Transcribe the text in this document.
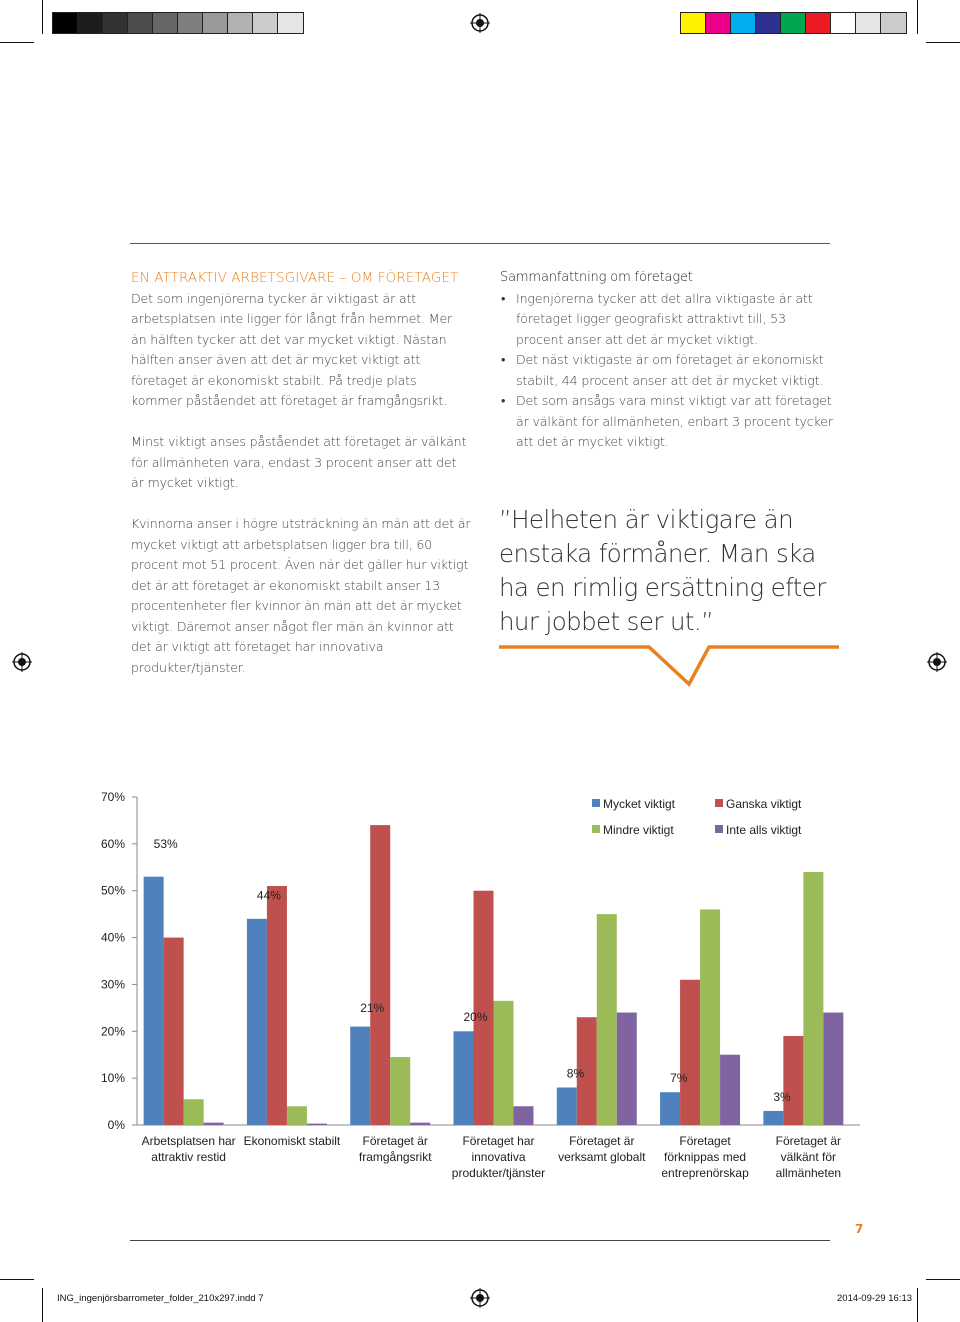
EN ATTRAKTIV ARBETSGIVARE – OM FÖRETAGET

Det som ingenjörerna tycker är viktigast är att arbetsplatsen inte ligger för långt från hemmet. Mer än hälften tycker att det var mycket viktigt. Nästan hälften anser även att det är mycket viktigt att företaget är ekonomiskt stabilt. På tredje plats kommer påståendet att företaget är framgångsrikt.

Minst viktigt anses påståendet att företaget är välkänt för allmänheten vara, endast 3 procent anser att det är mycket viktigt.

Kvinnorna anser i högre utsträckning än män att det är mycket viktigt att arbetsplatsen ligger bra till, 60 procent mot 51 procent. Även när det gäller hur viktigt det är att företaget är ekonomiskt stabilt anser 13 procentenheter fler kvinnor än män att det är mycket viktigt. Däremot anser något fler män än kvinnor att det är viktigt att företaget har innovativa produkter/tjänster.

Sammanfattning om företaget
• Ingenjörerna tycker att det allra viktigaste är att företaget ligger geografiskt attraktivt till, 53 procent anser att det är mycket viktigt.
• Det näst viktigaste är om företaget är ekonomiskt stabilt, 44 procent anser att det är mycket viktigt.
• Det som ansågs vara minst viktigt var att företaget är välkänt för allmänheten, enbart 3 procent tycker att det är mycket viktigt.
”Helheten är viktigare än enstaka förmåner. Man ska ha en rimlig ersättning efter hur jobbet ser ut.”
0%
10%
20%
30%
40%
50%
60%
70%
53%
Arbetsplatsen har
attraktiv restid
44%
Ekonomiskt stabilt
21%
Företaget är
framgångsrikt
20%
Företaget har
innovativa
produkter/tjänster
8%
Företaget är
verksamt globalt
7%
Företaget
förknippas med
entreprenörskap
3%
Företaget är
välkänt för
allmänheten
Mycket viktigt	Ganska viktigt
Mindre viktigt	Inte alls viktigt
7
ING_ingenjörsbarrometer_folder_210x297.indd 7	2014-09-29 16:13
